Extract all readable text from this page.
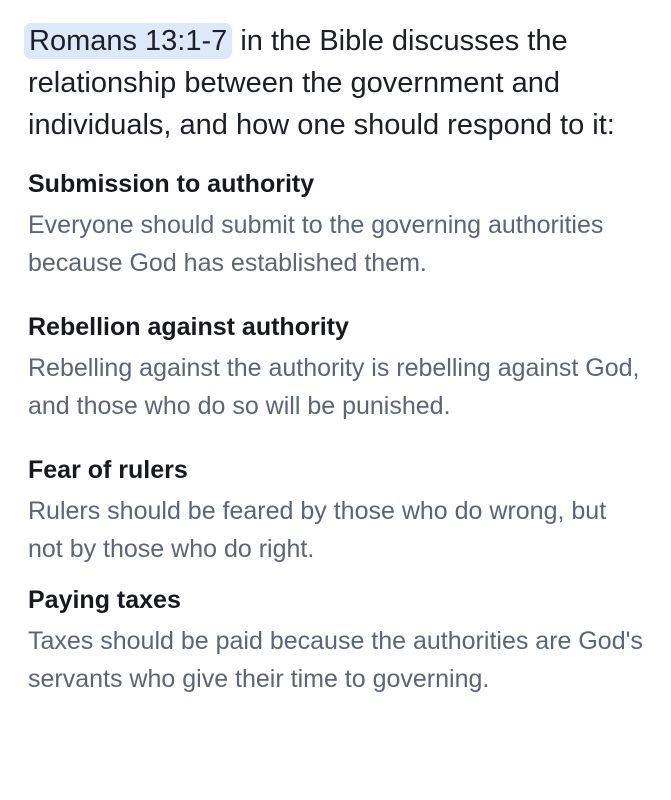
Romans 13:1-7 in the Bible discusses the relationship between the government and individuals, and how one should respond to it:

Submission to authority

Everyone should submit to the governing authorities because God has established them.

Rebellion against authority

Rebelling against the authority is rebelling against God, and those who do so will be punished.

Fear of rulers

Rulers should be feared by those who do wrong, but not by those who do right.

Paying taxes

Taxes should be paid because the authorities are God's servants who give their time to governing.
